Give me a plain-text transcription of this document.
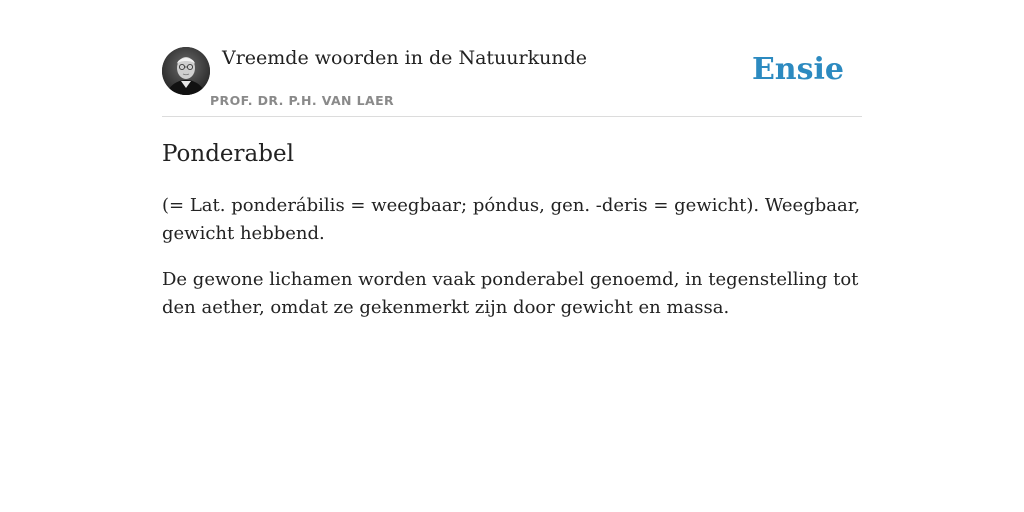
Vreemde woorden in de Natuurkunde
PROF. DR. P.H. VAN LAER
Ensie
Ponderabel

(= Lat. ponderábilis = weegbaar; póndus, gen. -deris = gewicht). Weegbaar, gewicht hebbend.

De gewone lichamen worden vaak ponderabel genoemd, in tegenstelling tot den aether, omdat ze gekenmerkt zijn door gewicht en massa.
